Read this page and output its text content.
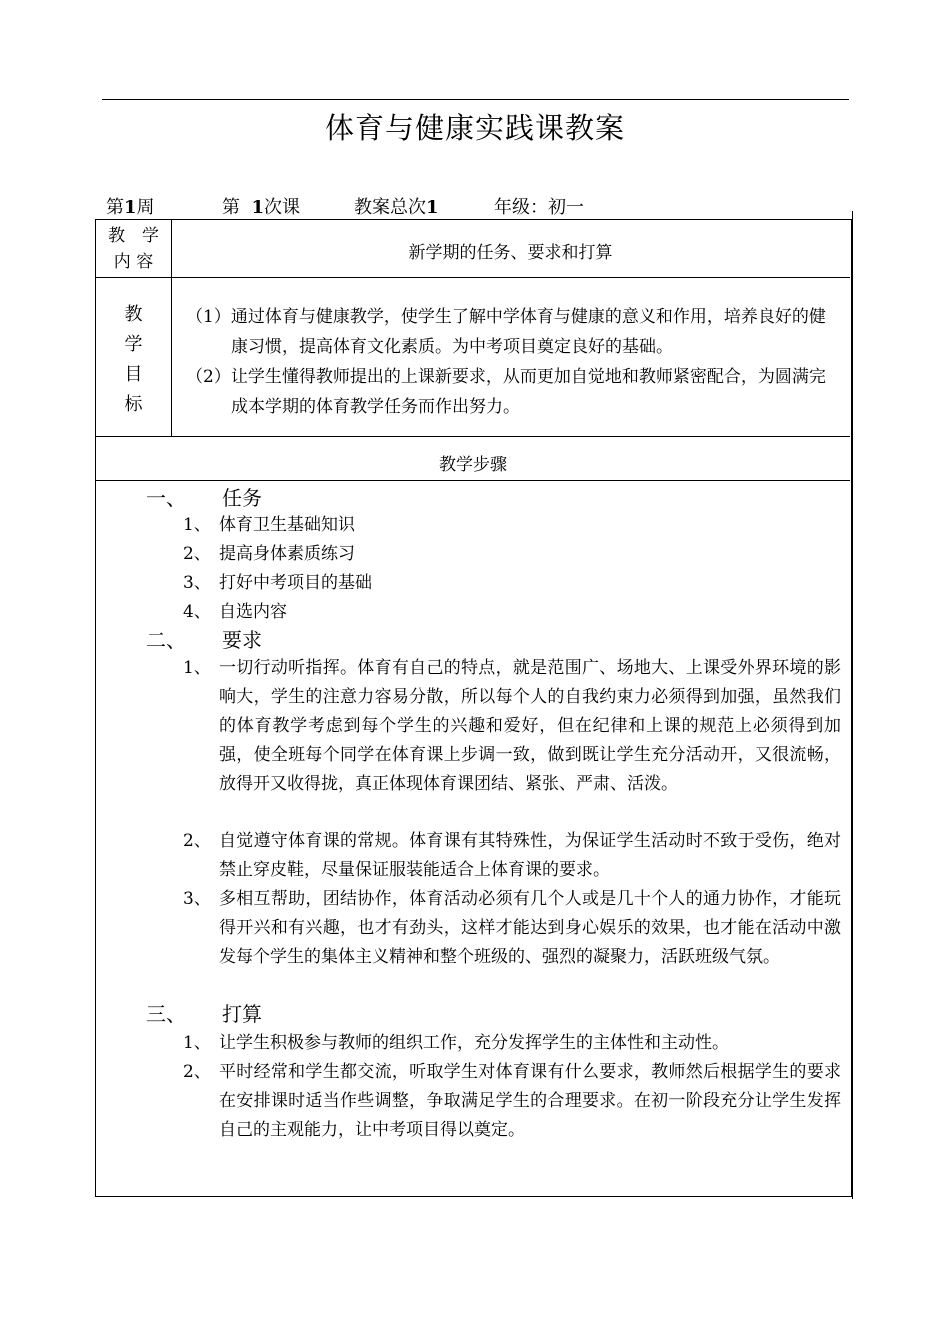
体育与健康实践课教案
第1周	第 1次课	教案总次1	年级：初一
教　学
内 容	新学期的任务、要求和打算
教
学
目
标

（1）通过体育与健康教学，使学生了解中学体育与健康的意义和作用，培养良好的健康习惯，提高体育文化素质。为中考项目奠定良好的基础。

（2）让学生懂得教师提出的上课新要求，从而更加自觉地和教师紧密配合，为圆满完成本学期的体育教学任务而作出努力。

教学步骤
一、 任务
1、 体育卫生基础知识
2、 提高身体素质练习
3、 打好中考项目的基础
4、 自选内容
二、 要求
1、 一切行动听指挥。体育有自己的特点，就是范围广、场地大、上课受外界环境的影响大，学生的注意力容易分散，所以每个人的自我约束力必须得到加强，虽然我们的体育教学考虑到每个学生的兴趣和爱好，但在纪律和上课的规范上必须得到加强，使全班每个同学在体育课上步调一致，做到既让学生充分活动开，又很流畅，放得开又收得拢，真正体现体育课团结、紧张、严肃、活泼。
2、 自觉遵守体育课的常规。体育课有其特殊性，为保证学生活动时不致于受伤，绝对禁止穿皮鞋，尽量保证服装能适合上体育课的要求。
3、 多相互帮助，团结协作，体育活动必须有几个人或是几十个人的通力协作，才能玩得开兴和有兴趣，也才有劲头，这样才能达到身心娱乐的效果，也才能在活动中激发每个学生的集体主义精神和整个班级的、强烈的凝聚力，活跃班级气氛。
三、 打算
1、 让学生积极参与教师的组织工作，充分发挥学生的主体性和主动性。
2、 平时经常和学生都交流，听取学生对体育课有什么要求，教师然后根据学生的要求在安排课时适当作些调整，争取满足学生的合理要求。在初一阶段充分让学生发挥自己的主观能力，让中考项目得以奠定。
